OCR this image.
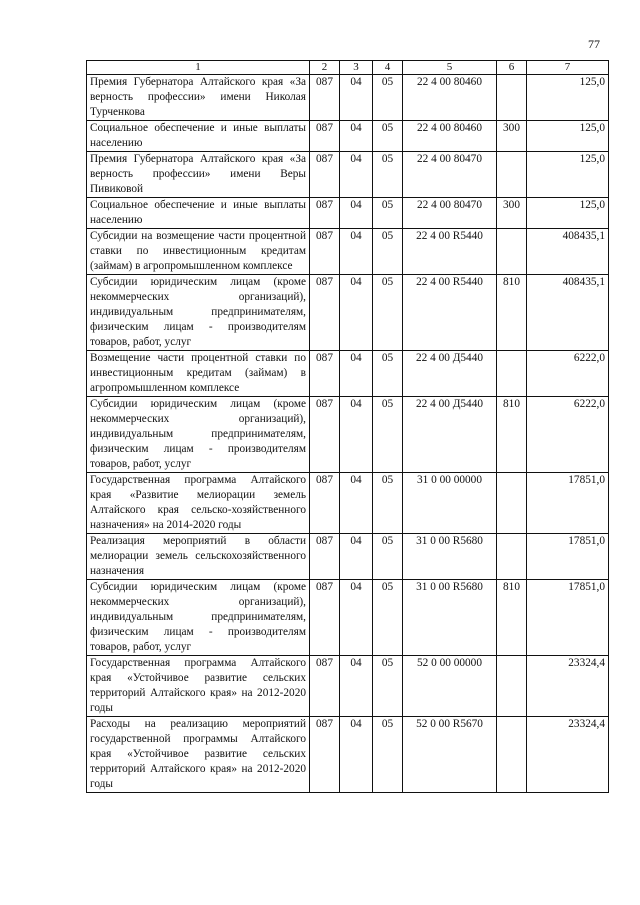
77
1	2	3	4	5	6	7
Премия Губернатора Алтайского края «За верность профессии» имени Николая Турченкова	087	04	05	22 4 00 80460		125,0
Социальное обеспечение и иные выплаты населению	087	04	05	22 4 00 80460	300	125,0
Премия Губернатора Алтайского края «За верность профессии» имени Веры Пивиковой	087	04	05	22 4 00 80470		125,0
Социальное обеспечение и иные выплаты населению	087	04	05	22 4 00 80470	300	125,0
Субсидии на возмещение части процентной ставки по инвестиционным кредитам (займам) в агропромышленном комплексе	087	04	05	22 4 00 R5440		408435,1
Субсидии юридическим лицам (кроме некоммерческих организаций), индивидуальным предпринимателям, физическим лицам - производителям товаров, работ, услуг	087	04	05	22 4 00 R5440	810	408435,1
Возмещение части процентной ставки по инвестиционным кредитам (займам) в агропромышленном комплексе	087	04	05	22 4 00 Д5440		6222,0
Субсидии юридическим лицам (кроме некоммерческих организаций), индивидуальным предпринимателям, физическим лицам - производителям товаров, работ, услуг	087	04	05	22 4 00 Д5440	810	6222,0
Государственная программа Алтайского края «Развитие мелиорации земель Алтайского края сельско-хозяйственного назначения» на 2014-2020 годы	087	04	05	31 0 00 00000		17851,0
Реализация мероприятий в области мелиорации земель сельскохозяйственного назначения	087	04	05	31 0 00 R5680		17851,0
Субсидии юридическим лицам (кроме некоммерческих организаций), индивидуальным предпринимателям, физическим лицам - производителям товаров, работ, услуг	087	04	05	31 0 00 R5680	810	17851,0
Государственная программа Алтайского края «Устойчивое развитие сельских территорий Алтайского края» на 2012-2020 годы	087	04	05	52 0 00 00000		23324,4
Расходы на реализацию мероприятий государственной программы Алтайского края «Устойчивое развитие сельских территорий Алтайского края» на 2012-2020 годы	087	04	05	52 0 00 R5670		23324,4
